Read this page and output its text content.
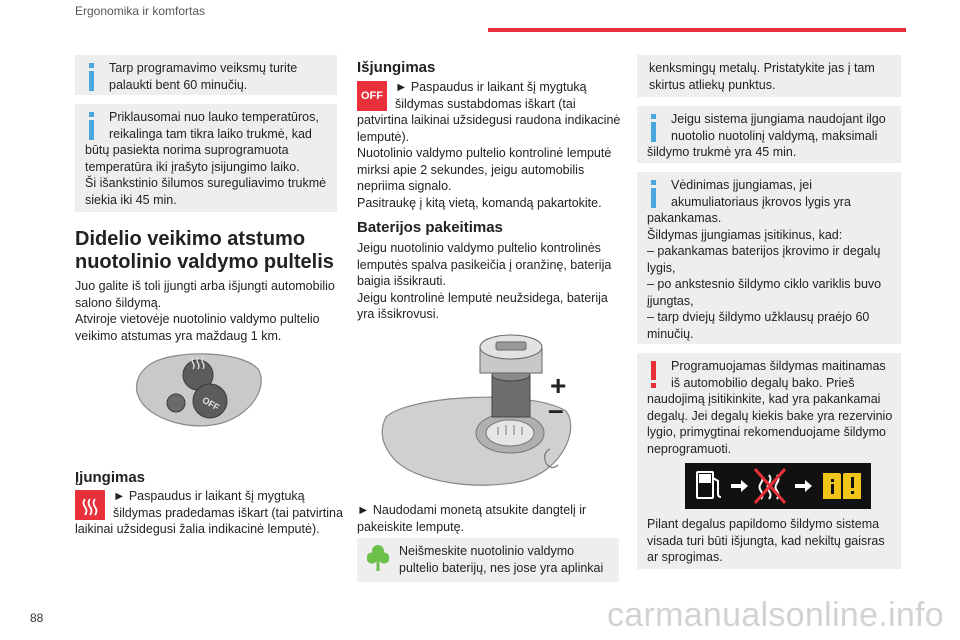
Ergonomika ir komfortas
Tarp programavimo veiksmų turite palaukti bent 60 minučių.
Priklausomai nuo lauko temperatūros, reikalinga tam tikra laiko trukmė, kad būtų pasiekta norima suprogramuota temperatūra iki įrašyto įsijungimo laiko.
Ši išankstinio šilumos sureguliavimo trukmė siekia iki 45 min.
Didelio veikimo atstumo nuotolinio valdymo pultelis
Juo galite iš toli įjungti arba išjungti automobilio salono šildymą.
Atviroje vietovėje nuotolinio valdymo pultelio veikimo atstumas yra maždaug 1 km.
OFF
Įjungimas
► Paspaudus ir laikant šį mygtuką šildymas pradedamas iškart (tai patvirtina laikinai užsidegusi žalia indikacinė lemputė).
Išjungimas
OFF
► Paspaudus ir laikant šį mygtuką šildymas sustabdomas iškart (tai patvirtina laikinai užsidegusi raudona indikacinė lemputė).
Nuotolinio valdymo pultelio kontrolinė lemputė mirksi apie 2 sekundes, jeigu automobilis nepriima signalo.
Pasitraukę į kitą vietą, komandą pakartokite.
Baterijos pakeitimas
Jeigu nuotolinio valdymo pultelio kontrolinės lemputės spalva pasikeičia į oranžinę, baterija baigia išsikrauti.
Jeigu kontrolinė lemputė neužsidega, baterija yra išsikrovusi.
+
–
► Naudodami monetą atsukite dangtelį ir pakeiskite lemputę.
Neišmeskite nuotolinio valdymo pultelio baterijų, nes jose yra aplinkai
kenksmingų metalų. Pristatykite jas į tam skirtus atliekų punktus.
Jeigu sistema įjungiama naudojant ilgo nuotolio nuotolinį valdymą, maksimali šildymo trukmė yra 45 min.
Vėdinimas įjungiamas, jei akumuliatoriaus įkrovos lygis yra pakankamas.
Šildymas įjungiamas įsitikinus, kad:
– pakankamas baterijos įkrovimo ir degalų lygis,
– po ankstesnio šildymo ciklo variklis buvo įjungtas,
– tarp dviejų šildymo užklausų praėjo 60 minučių.
Programuojamas šildymas maitinamas iš automobilio degalų bako. Prieš naudojimą įsitikinkite, kad yra pakankamai degalų. Jei degalų kiekis bake yra rezervinio lygio, primygtinai rekomenduojame šildymo neprogramuoti.
Pilant degalus papildomo šildymo sistema visada turi būti išjungta, kad nekiltų gaisras ar sprogimas.
88	carmanualsonline.info
